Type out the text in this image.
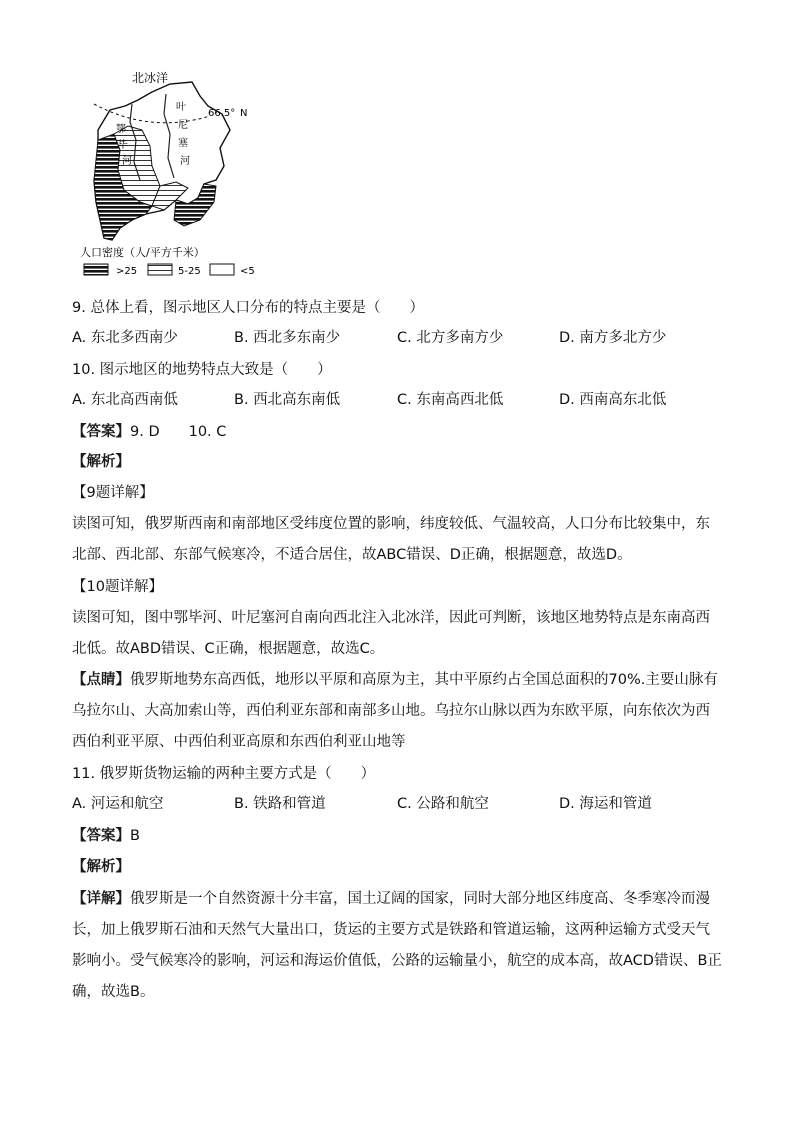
北冰洋
66.5° N
鄂
毕
河
叶
尼
塞
河
人口密度（人/平方千米）
>25	5-25	<5
9. 总体上看，图示地区人口分布的特点主要是（　　）
A. 东北多西南少	B. 西北多东南少	C. 北方多南方少	D. 南方多北方少
10. 图示地区的地势特点大致是（　　）
A. 东北高西南低	B. 西北高东南低	C. 东南高西北低	D. 西南高东北低
【答案】9. D　　10. C
【解析】
【9题详解】
读图可知，俄罗斯西南和南部地区受纬度位置的影响，纬度较低、气温较高，人口分布比较集中，东北部、西北部、东部气候寒冷，不适合居住，故ABC错误、D正确，根据题意，故选D。
【10题详解】
读图可知，图中鄂毕河、叶尼塞河自南向西北注入北冰洋，因此可判断，该地区地势特点是东南高西北低。故ABD错误、C正确，根据题意，故选C。
【点睛】俄罗斯地势东高西低，地形以平原和高原为主，其中平原约占全国总面积的70%.主要山脉有乌拉尔山、大高加索山等，西伯利亚东部和南部多山地。乌拉尔山脉以西为东欧平原，向东依次为西西伯利亚平原、中西伯利亚高原和东西伯利亚山地等
11. 俄罗斯货物运输的两种主要方式是（　　）
A. 河运和航空	B. 铁路和管道	C. 公路和航空	D. 海运和管道
【答案】B
【解析】
【详解】俄罗斯是一个自然资源十分丰富，国土辽阔的国家，同时大部分地区纬度高、冬季寒冷而漫长，加上俄罗斯石油和天然气大量出口，货运的主要方式是铁路和管道运输，这两种运输方式受天气影响小。受气候寒冷的影响，河运和海运价值低，公路的运输量小，航空的成本高，故ACD错误、B正确，故选B。
